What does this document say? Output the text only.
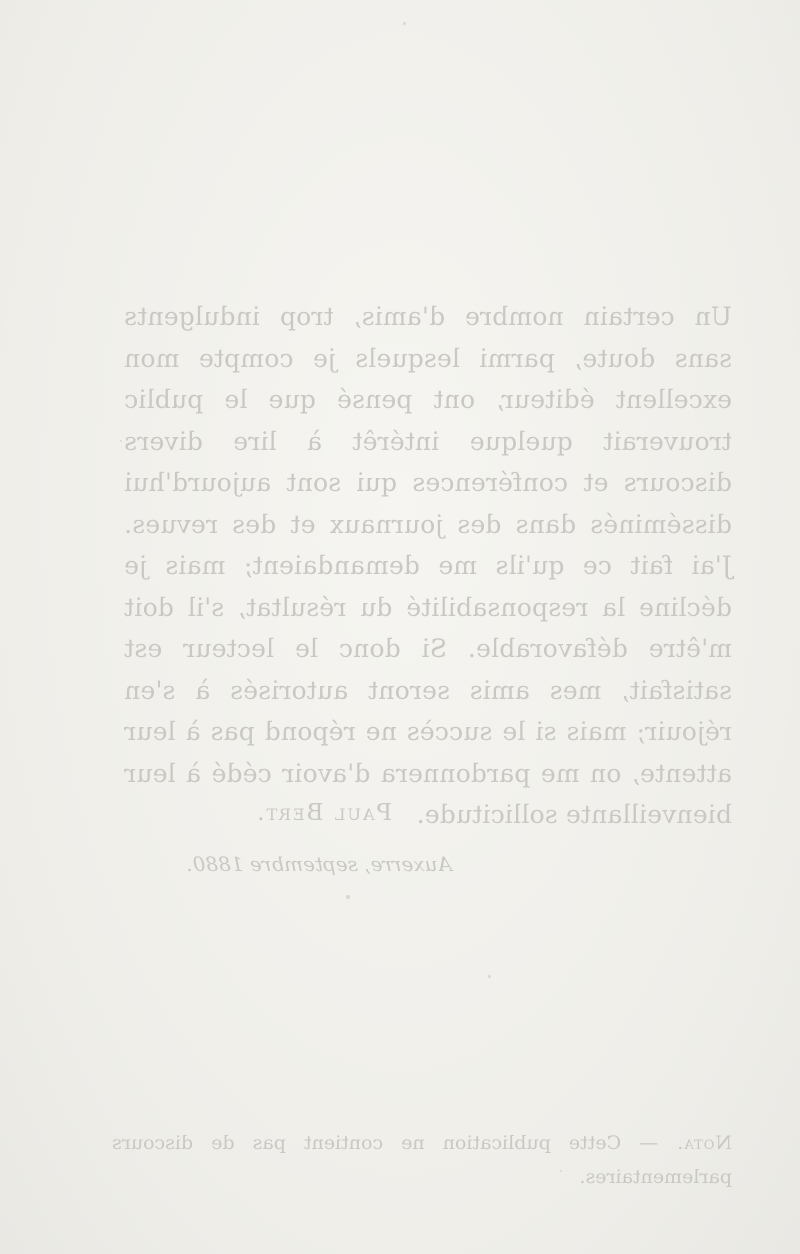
Un certain nombre d'amis, trop indulgents sans doute, parmi lesquels je compte mon excellent éditeur, ont pensé que le public trouverait quelque intérêt à lire divers discours et conférences qui sont aujourd'hui disséminés dans des journaux et des revues. J'ai fait ce qu'ils me demandaient; mais je décline la responsabilité du résultat, s'il doit m'être défavorable. Si donc le lecteur est satisfait, mes amis seront autorisés à s'en réjouir; mais si le succès ne répond pas à leur attente, on me pardonnera d'avoir cédé à leur bienveillante sollicitude.

Paul Bert.
Auxerre, septembre 1880.
Nota. — Cette publication ne contient pas de discours parlementaires.
